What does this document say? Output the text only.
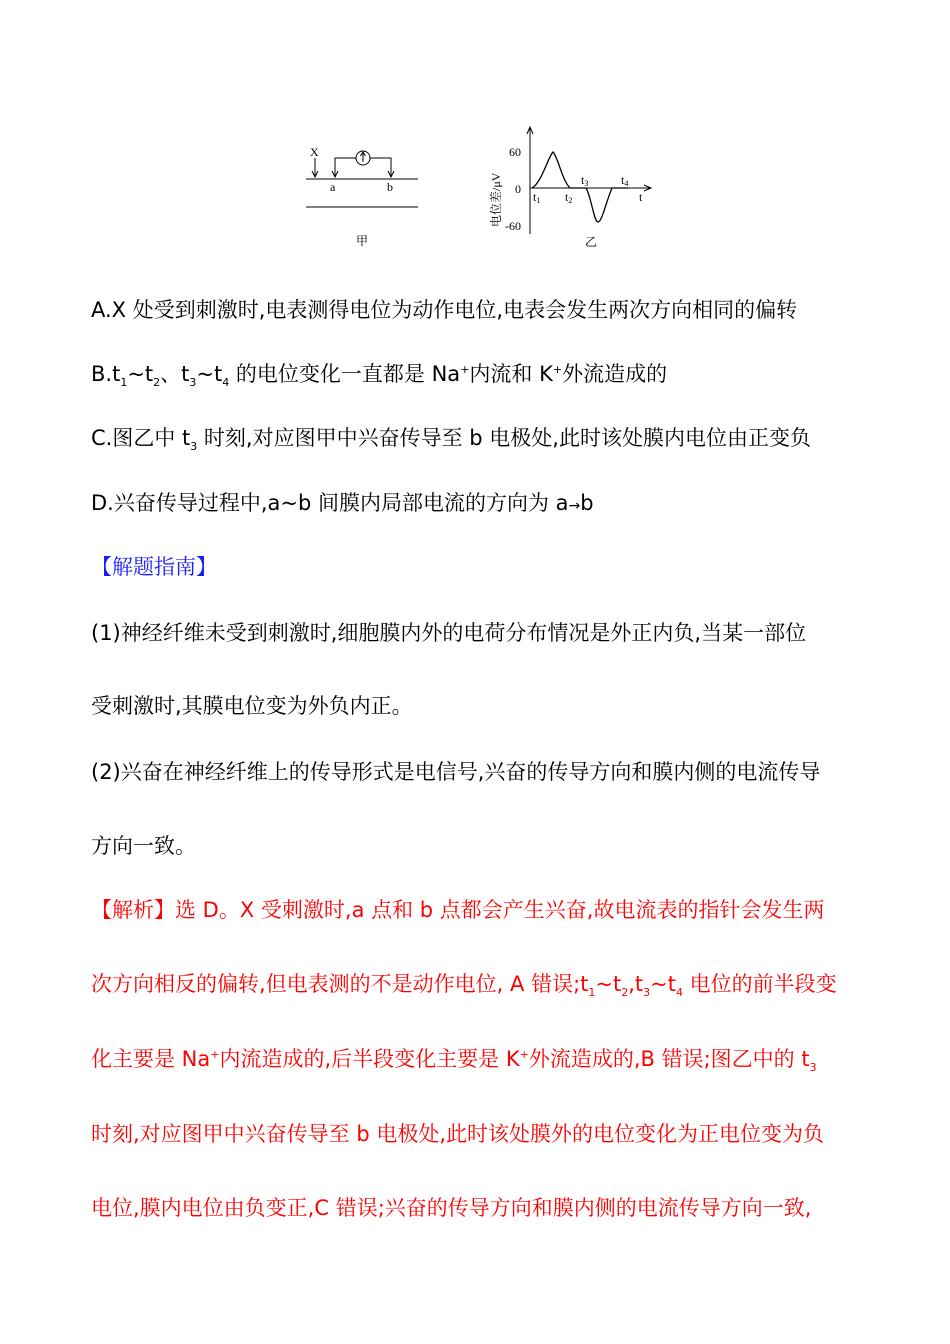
X
a	b
甲
电位差/μV
60
0
-60
t1 t2
t3	t4
t
乙
A.X 处受到刺激时,电表测得电位为动作电位,电表会发生两次方向相同的偏转
$B.t_1\sim t_2$、$t_3\sim t_4$ 的电位变化一直都是 Na+内流和 K+外流造成的
C.图乙中 $t_3$ 时刻,对应图甲中兴奋传导至 b 电极处,此时该处膜内电位由正变负
D.兴奋传导过程中,a~b 间膜内局部电流的方向为 a→b
【解题指南】
(1)神经纤维未受到刺激时,细胞膜内外的电荷分布情况是外正内负,当某一部位
受刺激时,其膜电位变为外负内正。
(2)兴奋在神经纤维上的传导形式是电信号,兴奋的传导方向和膜内侧的电流传导
方向一致。
【解析】选 D。X 受刺激时,a 点和 b 点都会产生兴奋,故电流表的指针会发生两
次方向相反的偏转,但电表测的不是动作电位, A 错误$;t_1\sim t_2,t_3\sim t_4$ 电位的前半段变
化主要是 Na+内流造成的,后半段变化主要是 K+外流造成的,B 错误;图乙中的 $t_3$
时刻,对应图甲中兴奋传导至 b 电极处,此时该处膜外的电位变化为正电位变为负
电位,膜内电位由负变正,C 错误;兴奋的传导方向和膜内侧的电流传导方向一致,
